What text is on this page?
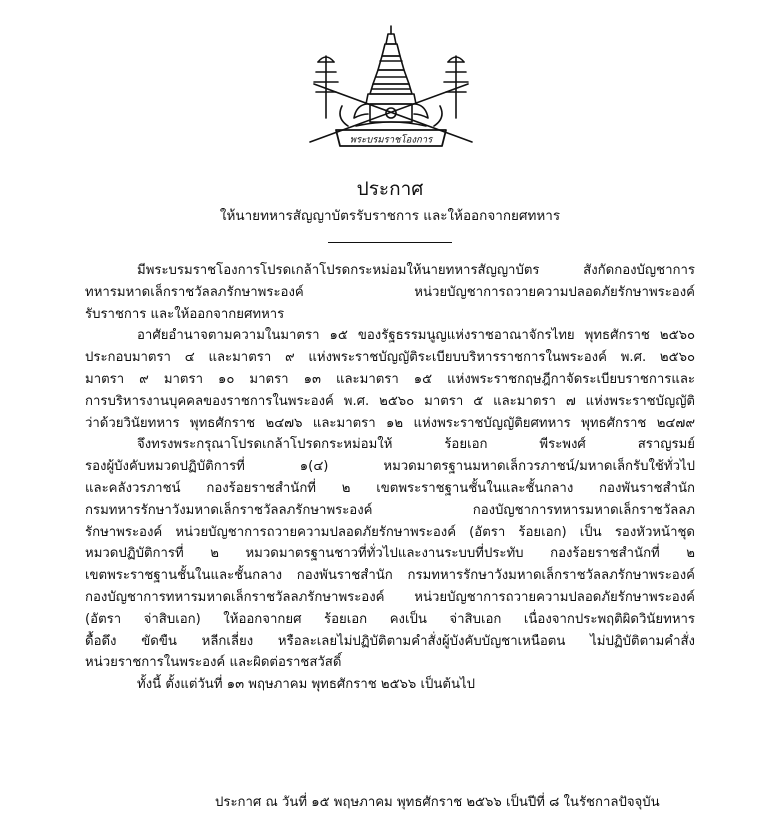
พระบรมราชโองการ
ประกาศ
ให้นายทหารสัญญาบัตรรับราชการ และให้ออกจากยศทหาร
มีพระบรมราชโองการโปรดเกล้าโปรดกระหม่อมให้นายทหารสัญญาบัตร สังกัดกองบัญชาการ
ทหารมหาดเล็กราชวัลลภรักษาพระองค์ หน่วยบัญชาการถวายความปลอดภัยรักษาพระองค์
รับราชการ และให้ออกจากยศทหาร
อาศัยอำนาจตามความในมาตรา ๑๕ ของรัฐธรรมนูญแห่งราชอาณาจักรไทย พุทธศักราช ๒๕๖๐
ประกอบมาตรา ๔ และมาตรา ๙ แห่งพระราชบัญญัติระเบียบบริหารราชการในพระองค์ พ.ศ. ๒๕๖๐
มาตรา ๙ มาตรา ๑๐ มาตรา ๑๓ และมาตรา ๑๕ แห่งพระราชกฤษฎีกาจัดระเบียบราชการและ
การบริหารงานบุคคลของราชการในพระองค์ พ.ศ. ๒๕๖๐ มาตรา ๕ และมาตรา ๗ แห่งพระราชบัญญัติ
ว่าด้วยวินัยทหาร พุทธศักราช ๒๔๗๖ และมาตรา ๑๒ แห่งพระราชบัญญัติยศทหาร พุทธศักราช ๒๔๗๙
จึงทรงพระกรุณาโปรดเกล้าโปรดกระหม่อมให้ ร้อยเอก พีระพงศ์ สราญรมย์
รองผู้บังคับหมวดปฏิบัติการที่ ๑(๔) หมวดมาตรฐานมหาดเล็กวรภาชน์/มหาดเล็กรับใช้ทั่วไป
และคลังวรภาชน์ กองร้อยราชสำนักที่ ๒ เขตพระราชฐานชั้นในและชั้นกลาง กองพันราชสำนัก
กรมทหารรักษาวังมหาดเล็กราชวัลลภรักษาพระองค์ กองบัญชาการทหารมหาดเล็กราชวัลลภ
รักษาพระองค์ หน่วยบัญชาการถวายความปลอดภัยรักษาพระองค์ (อัตรา ร้อยเอก) เป็น รองหัวหน้าชุด
หมวดปฏิบัติการที่ ๒ หมวดมาตรฐานชาวที่ทั่วไปและงานระบบที่ประทับ กองร้อยราชสำนักที่ ๒
เขตพระราชฐานชั้นในและชั้นกลาง กองพันราชสำนัก กรมทหารรักษาวังมหาดเล็กราชวัลลภรักษาพระองค์
กองบัญชาการทหารมหาดเล็กราชวัลลภรักษาพระองค์ หน่วยบัญชาการถวายความปลอดภัยรักษาพระองค์
(อัตรา จ่าสิบเอก) ให้ออกจากยศ ร้อยเอก คงเป็น จ่าสิบเอก เนื่องจากประพฤติผิดวินัยทหาร
ดื้อดึง ขัดขืน หลีกเลี่ยง หรือละเลยไม่ปฏิบัติตามคำสั่งผู้บังคับบัญชาเหนือตน ไม่ปฏิบัติตามคำสั่ง
หน่วยราชการในพระองค์ และผิดต่อราชสวัสดิ์
ทั้งนี้ ตั้งแต่วันที่ ๑๓ พฤษภาคม พุทธศักราช ๒๕๖๖ เป็นต้นไป
ประกาศ ณ วันที่ ๑๕ พฤษภาคม พุทธศักราช ๒๕๖๖ เป็นปีที่ ๘ ในรัชกาลปัจจุบัน
